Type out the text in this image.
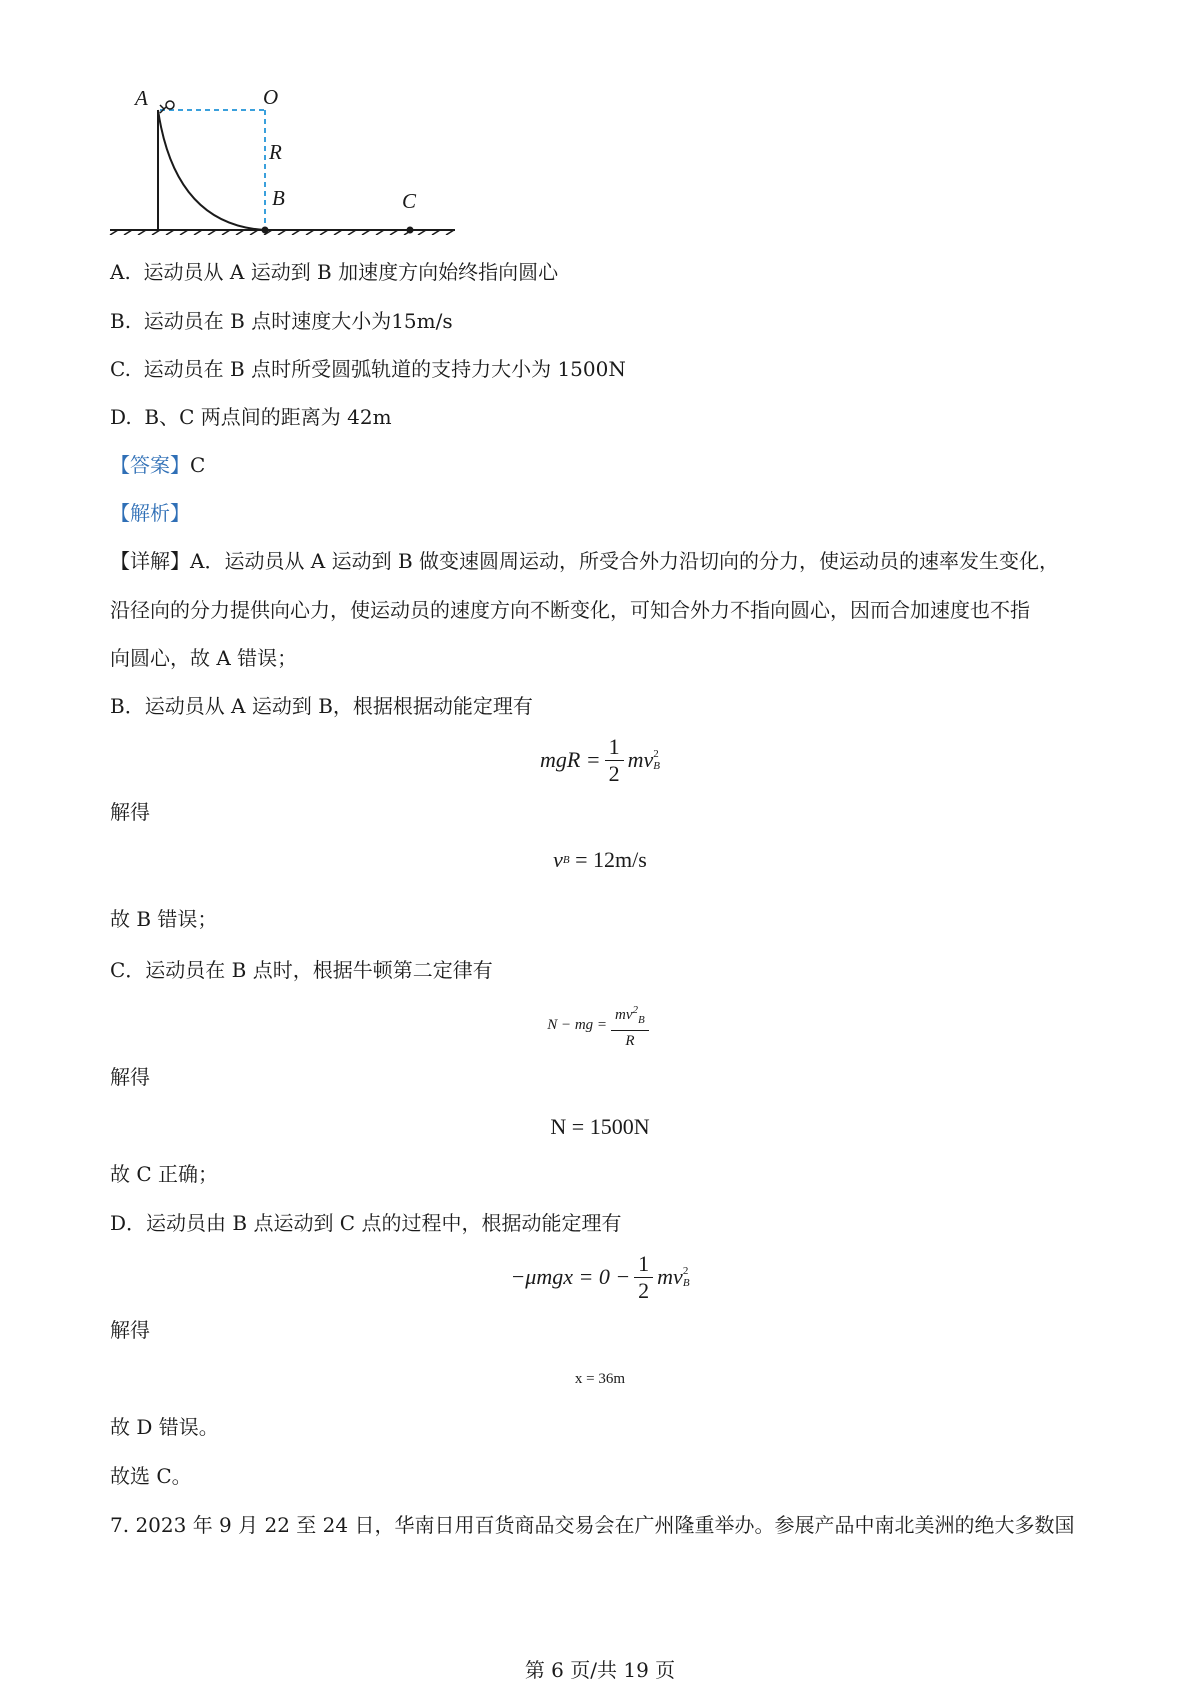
A	O
R
B	C
A. 运动员从 A 运动到 B 加速度方向始终指向圆心
B. 运动员在 B 点时速度大小为15m/s
C. 运动员在 B 点时所受圆弧轨道的支持力大小为 1500N
D. B、C 两点间的距离为 42m
【答案】C
【解析】
【详解】A．运动员从 A 运动到 B 做变速圆周运动，所受合外力沿切向的分力，使运动员的速率发生变化，
沿径向的分力提供向心力，使运动员的速度方向不断变化，可知合外力不指向圆心，因而合加速度也不指
向圆心，故 A 错误；
B．运动员从 A 运动到 B，根据根据动能定理有
mgR = $\frac{1}{2}$ mv 2
B
解得
v B
= 12m/s
故 B 错误；
C．运动员在 B 点时，根据牛顿第二定律有
N − mg = $\frac{mv^2_B}{R}$
解得
N = 1500N
故 C 正确；
D．运动员由 B 点运动到 C 点的过程中，根据动能定理有
$-\mu mgx = 0 - \frac{1}{2}$ mv 2
B
解得
x = 36m
故 D 错误。
故选 C。
7. 2023 年 9 月 22 至 24 日，华南日用百货商品交易会在广州隆重举办。参展产品中南北美洲的绝大多数国
第 6 页/共 19 页
